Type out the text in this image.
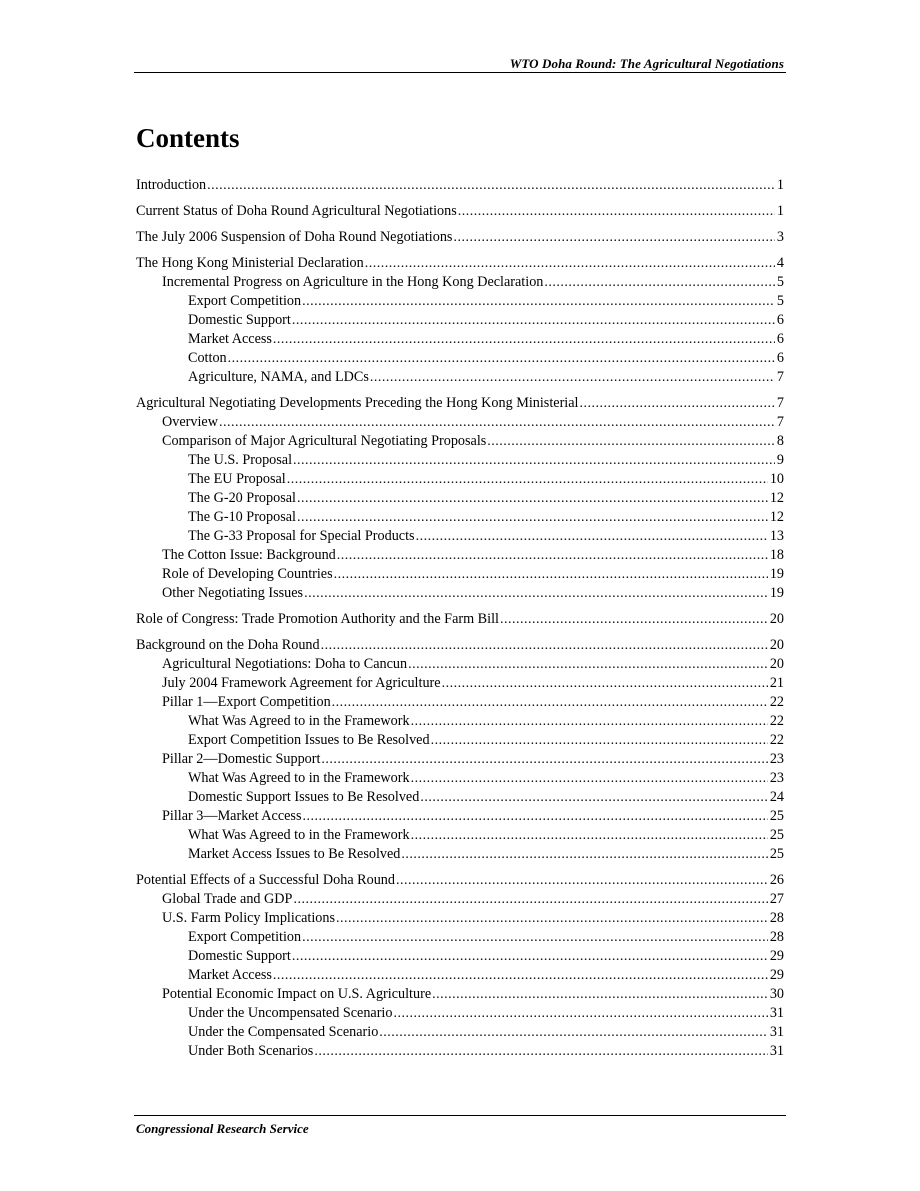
WTO Doha Round: The Agricultural Negotiations
Contents
Introduction .....	1
Current Status of Doha Round Agricultural Negotiations .....	1
The July 2006 Suspension of Doha Round Negotiations .....	3
The Hong Kong Ministerial Declaration .....	4
Incremental Progress on Agriculture in the Hong Kong Declaration .....	5
Export Competition .....	5
Domestic Support .....	6
Market Access .....	6
Cotton .....	6
Agriculture, NAMA, and LDCs .....	7
Agricultural Negotiating Developments Preceding the Hong Kong Ministerial .....	7
Overview .....	7
Comparison of Major Agricultural Negotiating Proposals .....	8
The U.S. Proposal .....	9
The EU Proposal .....	10
The G-20 Proposal .....	12
The G-10 Proposal .....	12
The G-33 Proposal for Special Products .....	13
The Cotton Issue: Background .....	18
Role of Developing Countries .....	19
Other Negotiating Issues .....	19
Role of Congress: Trade Promotion Authority and the Farm Bill .....	20
Background on the Doha Round .....	20
Agricultural Negotiations: Doha to Cancun .....	20
July 2004 Framework Agreement for Agriculture .....	21
Pillar 1—Export Competition .....	22
What Was Agreed to in the Framework .....	22
Export Competition Issues to Be Resolved .....	22
Pillar 2—Domestic Support .....	23
What Was Agreed to in the Framework .....	23
Domestic Support Issues to Be Resolved .....	24
Pillar 3—Market Access .....	25
What Was Agreed to in the Framework .....	25
Market Access Issues to Be Resolved .....	25
Potential Effects of a Successful Doha Round .....	26
Global Trade and GDP .....	27
U.S. Farm Policy Implications .....	28
Export Competition .....	28
Domestic Support .....	29
Market Access .....	29
Potential Economic Impact on U.S. Agriculture .....	30
Under the Uncompensated Scenario .....	31
Under the Compensated Scenario .....	31
Under Both Scenarios .....	31
Congressional Research Service
